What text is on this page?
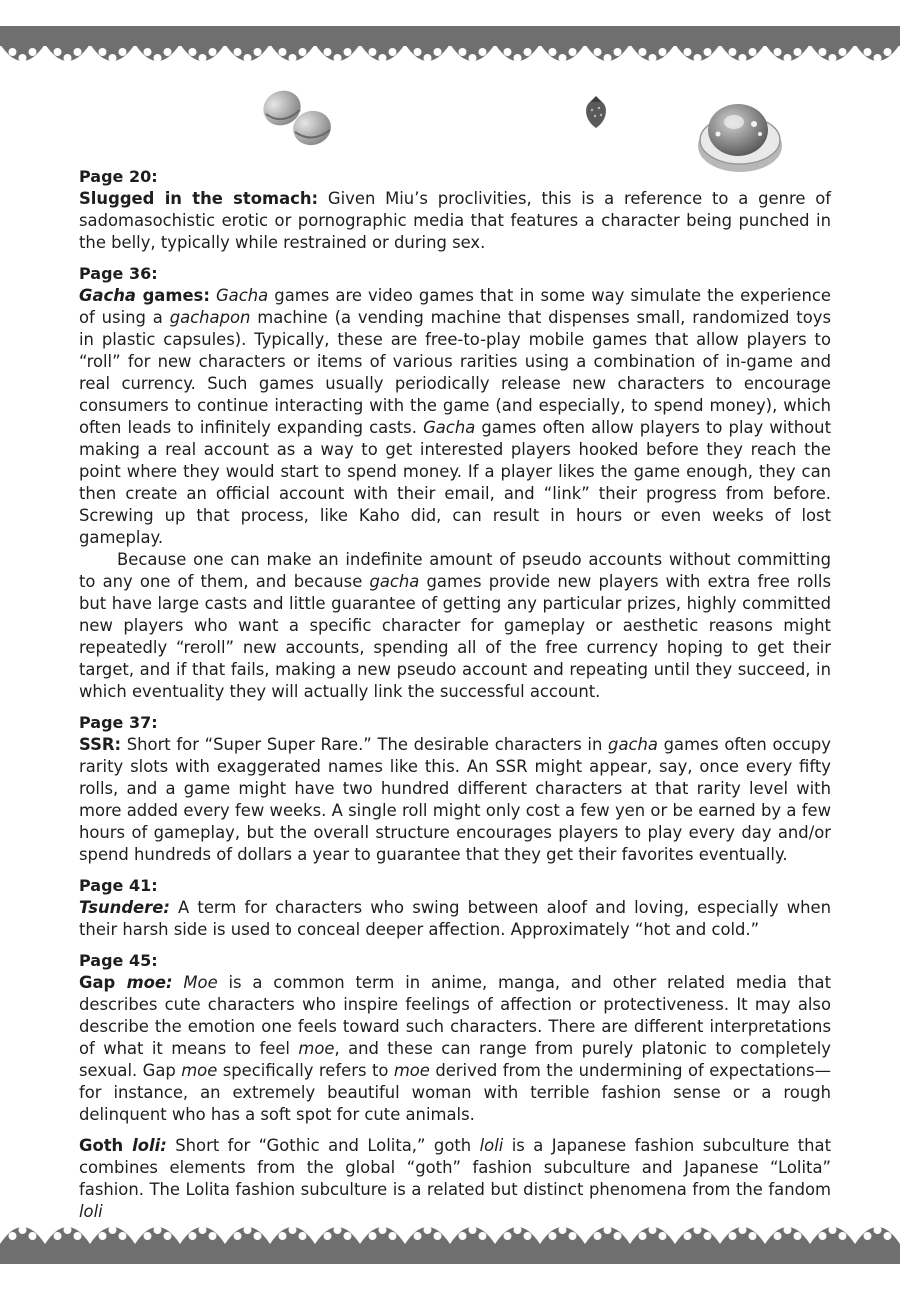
Page 20:

Slugged in the stomach: Given Miu’s proclivities, this is a reference to a genre of sadomasochistic erotic or pornographic media that features a character being punched in the belly, typically while restrained or during sex.

Page 36:

Gacha games: Gacha games are video games that in some way simulate the experience of using a gachapon machine (a vending machine that dispenses small, randomized toys in plastic capsules). Typically, these are free-to-play mobile games that allow players to “roll” for new characters or items of various rarities using a combination of in-game and real currency. Such games usually periodically release new characters to encourage consumers to continue interacting with the game (and especially, to spend money), which often leads to infinitely expanding casts. Gacha games often allow players to play without making a real account as a way to get interested players hooked before they reach the point where they would start to spend money. If a player likes the game enough, they can then create an official account with their email, and “link” their progress from before. Screwing up that process, like Kaho did, can result in hours or even weeks of lost gameplay.

Because one can make an indefinite amount of pseudo accounts without committing to any one of them, and because gacha games provide new players with extra free rolls but have large casts and little guarantee of getting any particular prizes, highly committed new players who want a specific character for gameplay or aesthetic reasons might repeatedly “reroll” new accounts, spending all of the free currency hoping to get their target, and if that fails, making a new pseudo account and repeating until they succeed, in which eventuality they will actually link the successful account.

Page 37:

SSR: Short for “Super Super Rare.” The desirable characters in gacha games often occupy rarity slots with exaggerated names like this. An SSR might appear, say, once every fifty rolls, and a game might have two hundred different characters at that rarity level with more added every few weeks. A single roll might only cost a few yen or be earned by a few hours of gameplay, but the overall structure encourages players to play every day and/or spend hundreds of dollars a year to guarantee that they get their favorites eventually.

Page 41:

Tsundere: A term for characters who swing between aloof and loving, especially when their harsh side is used to conceal deeper affection. Approximately “hot and cold.”

Page 45:

Gap moe: Moe is a common term in anime, manga, and other related media that describes cute characters who inspire feelings of affection or protectiveness. It may also describe the emotion one feels toward such characters. There are different interpretations of what it means to feel moe, and these can range from purely platonic to completely sexual. Gap moe specifically refers to moe derived from the undermining of expectations—for instance, an extremely beautiful woman with terrible fashion sense or a rough delinquent who has a soft spot for cute animals.

Goth loli: Short for “Gothic and Lolita,” goth loli is a Japanese fashion subculture that combines elements from the global “goth” fashion subculture and Japanese “Lolita” fashion. The Lolita fashion subculture is a related but distinct phenomena from the fandom loli
